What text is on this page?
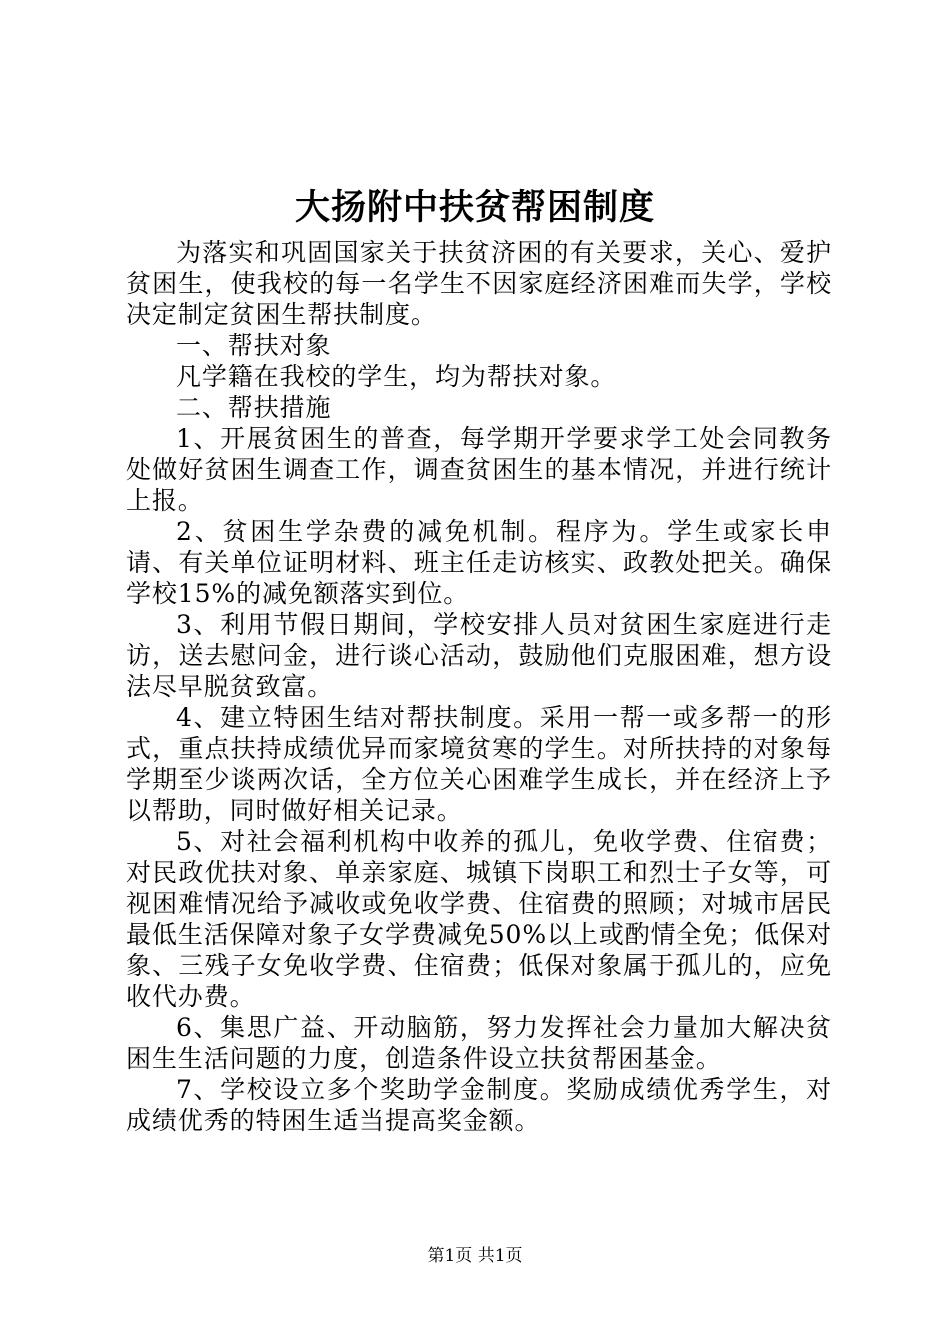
大扬附中扶贫帮困制度

为落实和巩固国家关于扶贫济困的有关要求，关心、爱护贫困生，使我校的每一名学生不因家庭经济困难而失学，学校决定制定贫困生帮扶制度。

一、帮扶对象

凡学籍在我校的学生，均为帮扶对象。

二、帮扶措施

1、开展贫困生的普查，每学期开学要求学工处会同教务处做好贫困生调查工作，调查贫困生的基本情况，并进行统计上报。

2、贫困生学杂费的减免机制。程序为。学生或家长申请、有关单位证明材料、班主任走访核实、政教处把关。确保学校15%的减免额落实到位。

3、利用节假日期间，学校安排人员对贫困生家庭进行走访，送去慰问金，进行谈心活动，鼓励他们克服困难，想方设法尽早脱贫致富。

4、建立特困生结对帮扶制度。采用一帮一或多帮一的形式，重点扶持成绩优异而家境贫寒的学生。对所扶持的对象每学期至少谈两次话，全方位关心困难学生成长，并在经济上予以帮助，同时做好相关记录。

5、对社会福利机构中收养的孤儿，免收学费、住宿费；对民政优扶对象、单亲家庭、城镇下岗职工和烈士子女等，可视困难情况给予减收或免收学费、住宿费的照顾；对城市居民最低生活保障对象子女学费减免50%以上或酌情全免；低保对象、三残子女免收学费、住宿费；低保对象属于孤儿的，应免收代办费。

6、集思广益、开动脑筋，努力发挥社会力量加大解决贫困生生活问题的力度，创造条件设立扶贫帮困基金。

7、学校设立多个奖助学金制度。奖励成绩优秀学生，对成绩优秀的特困生适当提高奖金额。

第1页 共1页
